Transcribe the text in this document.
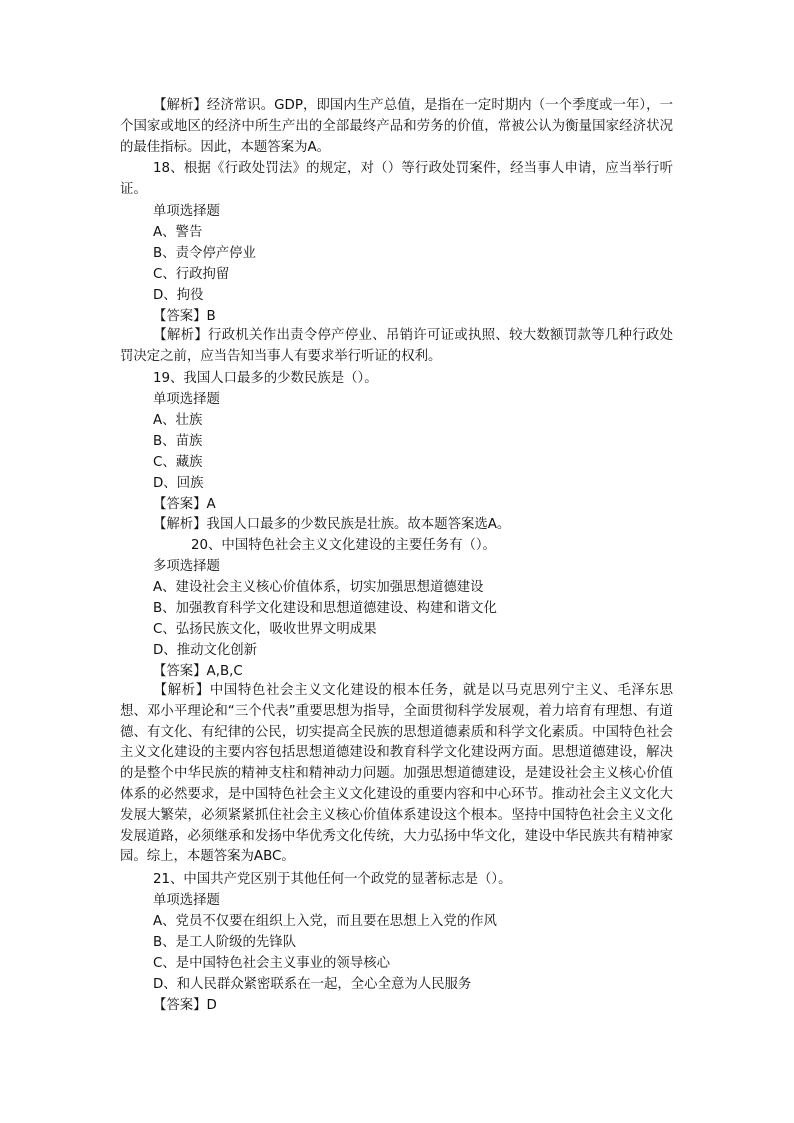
【解析】经济常识。GDP，即国内生产总值，是指在一定时期内（一个季度或一年），一个国家或地区的经济中所生产出的全部最终产品和劳务的价值，常被公认为衡量国家经济状况的最佳指标。因此，本题答案为A。
18、根据《行政处罚法》的规定，对（）等行政处罚案件，经当事人申请，应当举行听证。
单项选择题
A、警告
B、责令停产停业
C、行政拘留
D、拘役
【答案】B
【解析】行政机关作出责令停产停业、吊销许可证或执照、较大数额罚款等几种行政处罚决定之前，应当告知当事人有要求举行听证的权利。
19、我国人口最多的少数民族是（）。
单项选择题
A、壮族
B、苗族
C、藏族
D、回族
【答案】A
【解析】我国人口最多的少数民族是壮族。故本题答案选A。
20、中国特色社会主义文化建设的主要任务有（）。
多项选择题
A、建设社会主义核心价值体系，切实加强思想道德建设
B、加强教育科学文化建设和思想道德建设、构建和谐文化
C、弘扬民族文化，吸收世界文明成果
D、推动文化创新
【答案】A,B,C
【解析】中国特色社会主义文化建设的根本任务，就是以马克思列宁主义、毛泽东思想、邓小平理论和“三个代表”重要思想为指导，全面贯彻科学发展观，着力培育有理想、有道德、有文化、有纪律的公民，切实提高全民族的思想道德素质和科学文化素质。中国特色社会主义文化建设的主要内容包括思想道德建设和教育科学文化建设两方面。思想道德建设，解决的是整个中华民族的精神支柱和精神动力问题。加强思想道德建设，是建设社会主义核心价值体系的必然要求，是中国特色社会主义文化建设的重要内容和中心环节。推动社会主义文化大发展大繁荣，必须紧紧抓住社会主义核心价值体系建设这个根本。坚持中国特色社会主义文化发展道路，必须继承和发扬中华优秀文化传统，大力弘扬中华文化，建设中华民族共有精神家园。综上，本题答案为ABC。
21、中国共产党区别于其他任何一个政党的显著标志是（）。
单项选择题
A、党员不仅要在组织上入党，而且要在思想上入党的作风
B、是工人阶级的先锋队
C、是中国特色社会主义事业的领导核心
D、和人民群众紧密联系在一起，全心全意为人民服务
【答案】D
